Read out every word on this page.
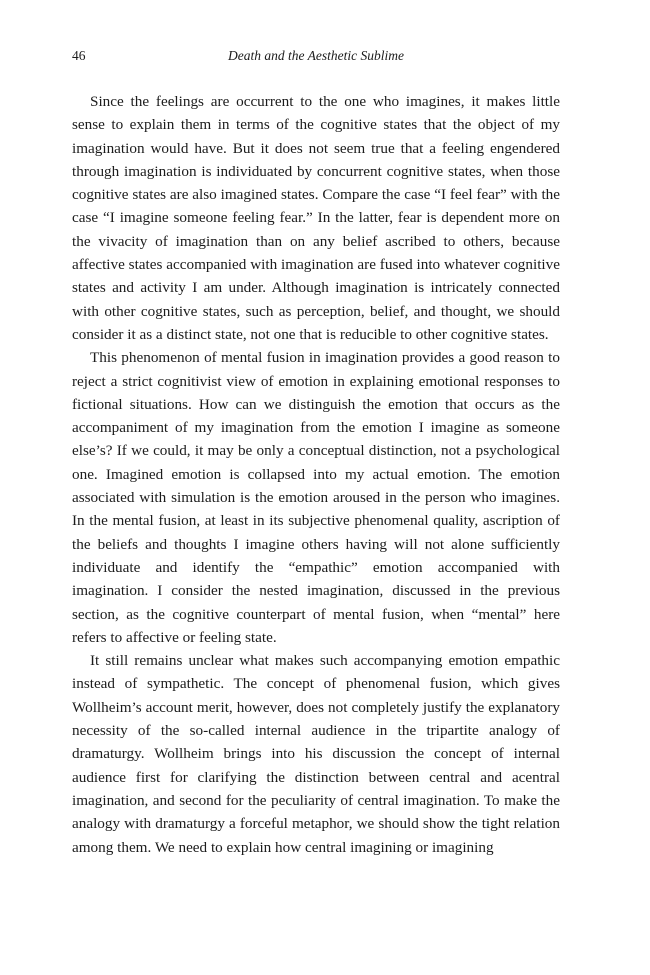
46	Death and the Aesthetic Sublime

Since the feelings are occurrent to the one who imagines, it makes little sense to explain them in terms of the cognitive states that the object of my imagination would have. But it does not seem true that a feeling engendered through imagination is individuated by concurrent cognitive states, when those cognitive states are also imagined states. Compare the case “I feel fear” with the case “I imagine someone feeling fear.” In the latter, fear is dependent more on the vivacity of imagination than on any belief ascribed to others, because affective states accompanied with imagination are fused into whatever cognitive states and activity I am under. Although imagination is intricately connected with other cognitive states, such as perception, belief, and thought, we should consider it as a distinct state, not one that is reducible to other cognitive states.

This phenomenon of mental fusion in imagination provides a good reason to reject a strict cognitivist view of emotion in explaining emotional responses to fictional situations. How can we distinguish the emotion that occurs as the accompaniment of my imagination from the emotion I imagine as someone else’s? If we could, it may be only a conceptual distinction, not a psychological one. Imagined emotion is collapsed into my actual emotion. The emotion associated with simulation is the emotion aroused in the person who imagines. In the mental fusion, at least in its subjective phenomenal quality, ascription of the beliefs and thoughts I imagine others having will not alone sufficiently individuate and identify the “empathic” emotion accompanied with imagination. I consider the nested imagination, discussed in the previous section, as the cognitive counterpart of mental fusion, when “mental” here refers to affective or feeling state.

It still remains unclear what makes such accompanying emotion empathic instead of sympathetic. The concept of phenomenal fusion, which gives Wollheim’s account merit, however, does not completely justify the explanatory necessity of the so-called internal audience in the tripartite analogy of dramaturgy. Wollheim brings into his discussion the concept of internal audience first for clarifying the distinction between central and acentral imagination, and second for the peculiarity of central imagination. To make the analogy with dramaturgy a forceful metaphor, we should show the tight relation among them. We need to explain how central imagining or imagining
